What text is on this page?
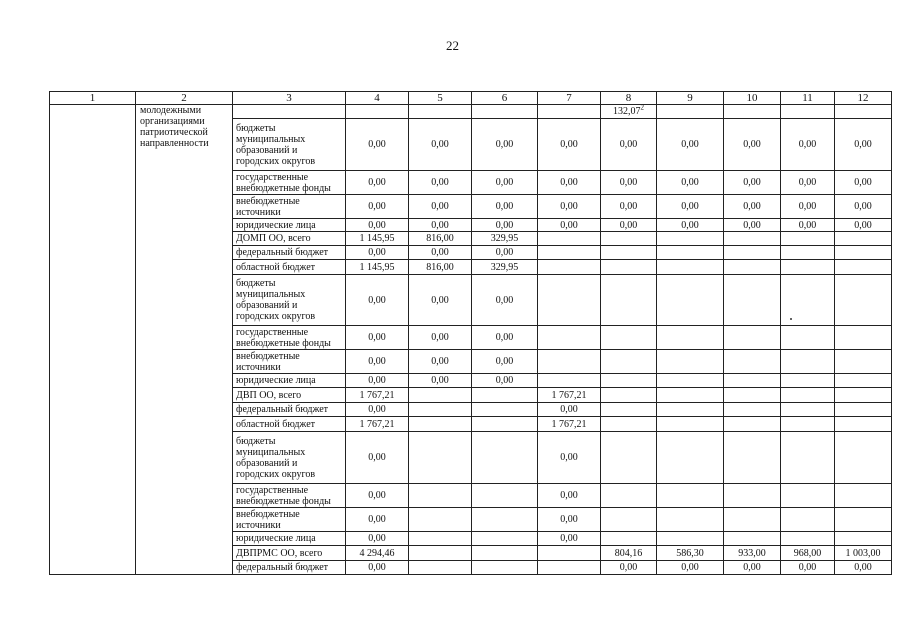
22
1	2	3	4	5	6	7	8	9	10	11	12
	молодежными
организациями
патриотической
направленности						132,07$^2$				
		бюджеты
муниципальных
образований и
городских округов	0,00	0,00	0,00	0,00	0,00	0,00	0,00	0,00	0,00
		государственные
внебюджетные фонды	0,00	0,00	0,00	0,00	0,00	0,00	0,00	0,00	0,00
		внебюджетные
источники	0,00	0,00	0,00	0,00	0,00	0,00	0,00	0,00	0,00
		юридические лица	0,00	0,00	0,00	0,00	0,00	0,00	0,00	0,00	0,00
		ДОМП ОО, всего	1 145,95	816,00	329,95						
		федеральный бюджет	0,00	0,00	0,00						
		областной бюджет	1 145,95	816,00	329,95						
		бюджеты
муниципальных
образований и
городских округов	0,00	0,00	0,00						
		государственные
внебюджетные фонды	0,00	0,00	0,00						
		внебюджетные
источники	0,00	0,00	0,00						
		юридические лица	0,00	0,00	0,00						
		ДВП ОО, всего	1 767,21			1 767,21					
		федеральный бюджет	0,00			0,00					
		областной бюджет	1 767,21			1 767,21					
		бюджеты
муниципальных
образований и
городских округов	0,00			0,00					
		государственные
внебюджетные фонды	0,00			0,00					
		внебюджетные
источники	0,00			0,00					
		юридические лица	0,00			0,00					
		ДВПРМС ОО, всего	4 294,46				804,16	586,30	933,00	968,00	1 003,00
		федеральный бюджет	0,00				0,00	0,00	0,00	0,00	0,00
